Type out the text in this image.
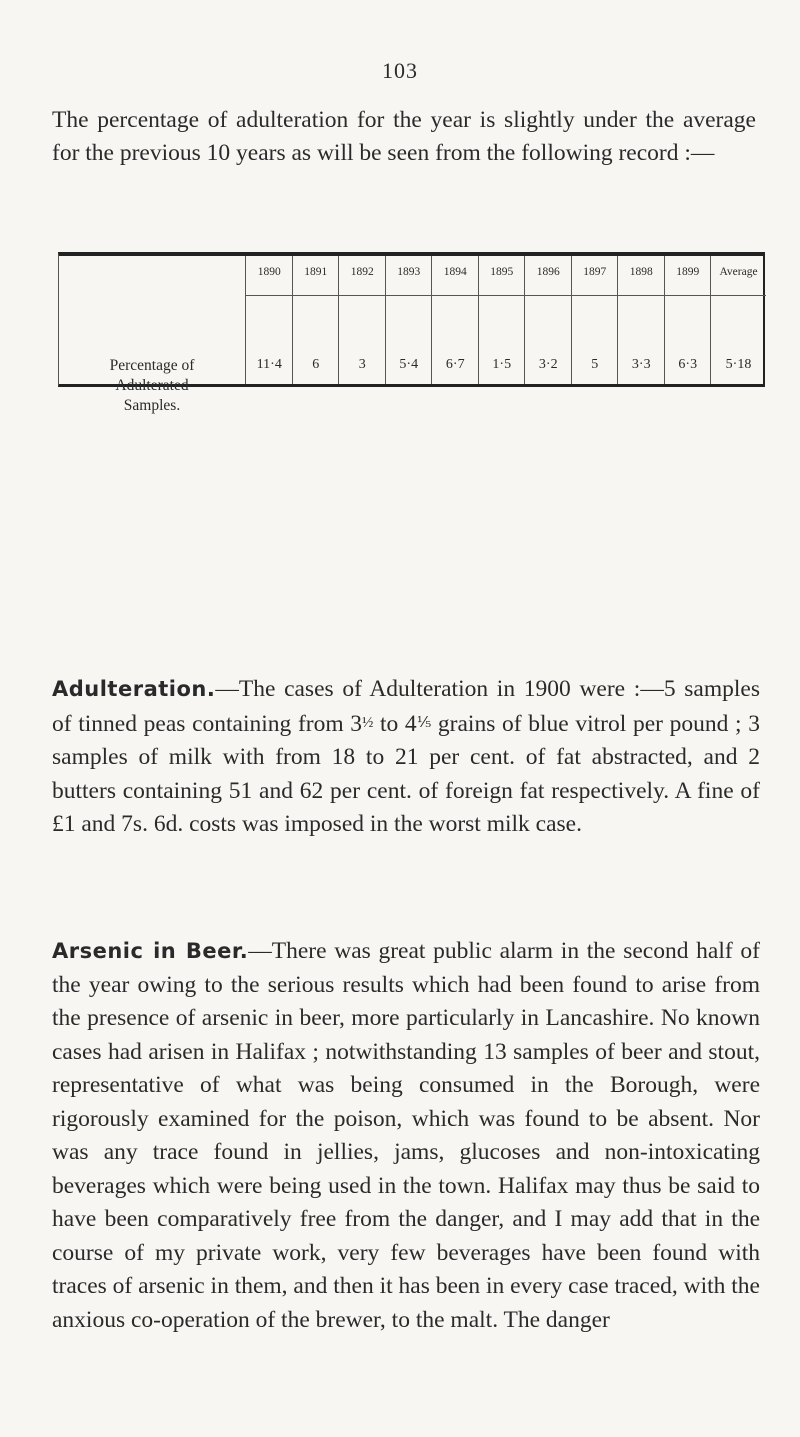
103
The percentage of adulteration for the year is slightly under the average for the previous 10 years as will be seen from the following record :—
Percentage of
Adulterated
Samples.
1890
11·4
1891
6
1892
3
1893
5·4
1894
6·7
1895
1·5
1896
3·2
1897
5
1898
3·3
1899
6·3
Average
5·18
Adulteration.—The cases of Adulteration in 1900 were :—5 samples of tinned peas containing from 3½ to 4⅕ grains of blue vitrol per pound ; 3 samples of milk with from 18 to 21 per cent. of fat abstracted, and 2 butters containing 51 and 62 per cent. of foreign fat respectively. A fine of £1 and 7s. 6d. costs was imposed in the worst milk case.
Arsenic in Beer.—There was great public alarm in the second half of the year owing to the serious results which had been found to arise from the presence of arsenic in beer, more particularly in Lancashire. No known cases had arisen in Halifax ; notwithstanding 13 samples of beer and stout, representative of what was being consumed in the Borough, were rigorously examined for the poison, which was found to be absent. Nor was any trace found in jellies, jams, glucoses and non-intoxicating beverages which were being used in the town. Halifax may thus be said to have been comparatively free from the danger, and I may add that in the course of my private work, very few beverages have been found with traces of arsenic in them, and then it has been in every case traced, with the anxious co-operation of the brewer, to the malt. The danger
